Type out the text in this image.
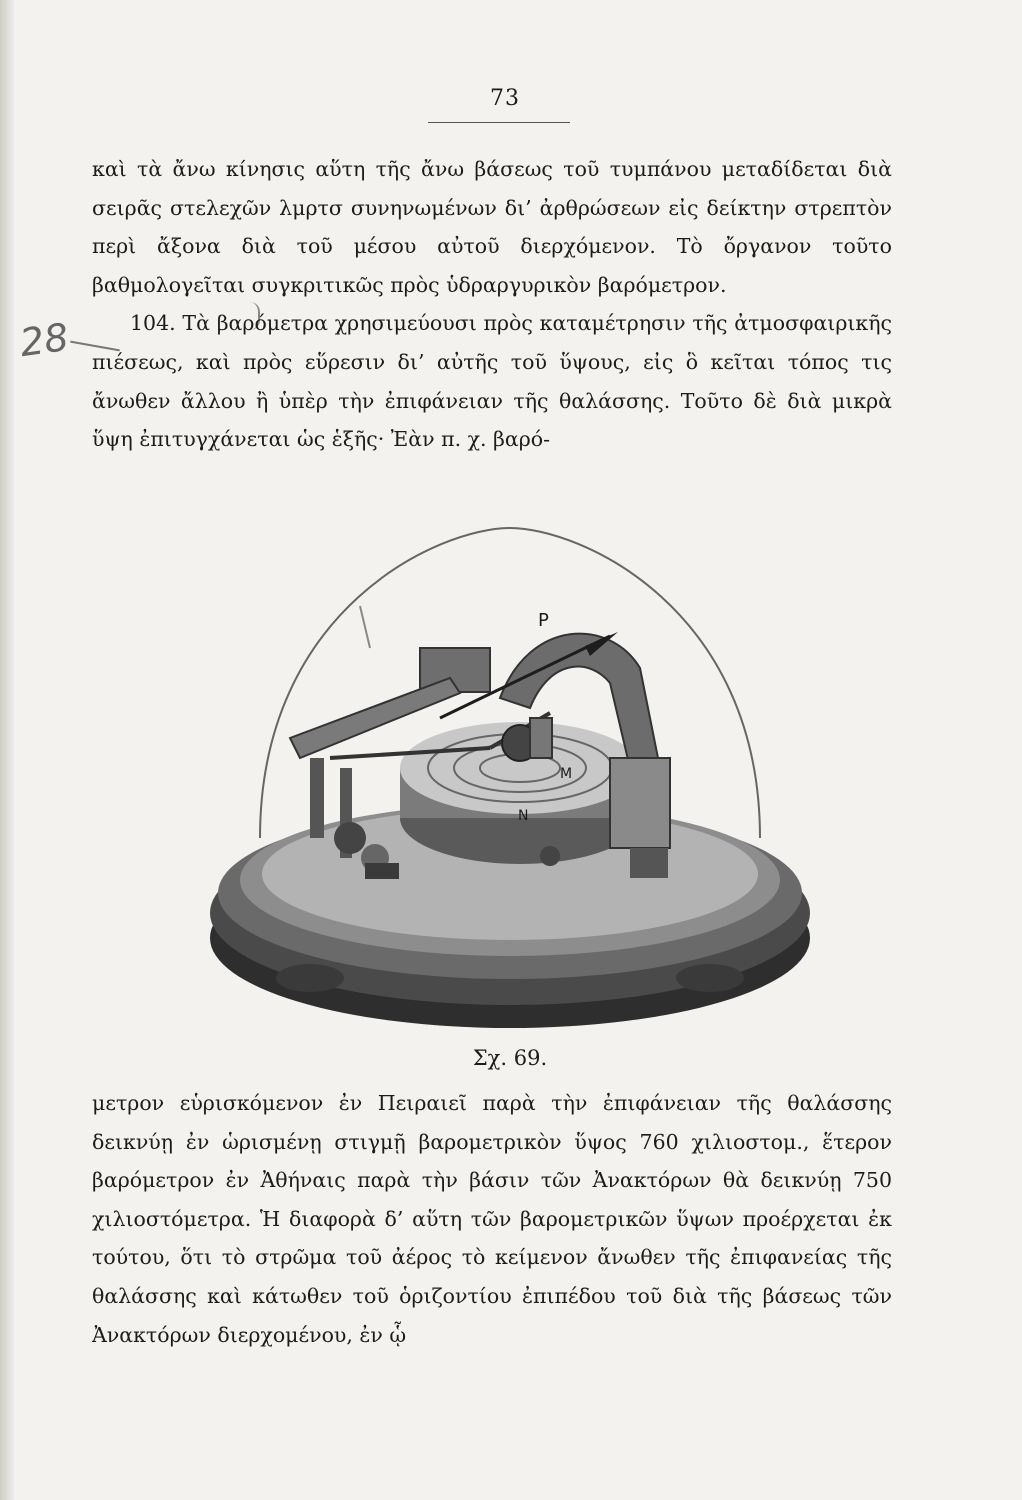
73
28

καὶ τὰ ἄνω κίνησις αὕτη τῆς ἄνω βάσεως τοῦ τυμπάνου μεταδίδεται διὰ σειρᾶς στελεχῶν λμρτσ συνηνωμένων δι’ ἀρθρώσεων εἰς δείκτην στρεπτὸν περὶ ἄξονα διὰ τοῦ μέσου αὐτοῦ διερχόμενον. Τὸ ὄργανον τοῦτο βαθμολογεῖται συγκριτικῶς πρὸς ὑδραργυρικὸν βαρόμετρον.

104. Τὰ βαρόμετρα χρησιμεύουσι πρὸς καταμέτρησιν τῆς ἀτμοσφαιρικῆς πιέσεως, καὶ πρὸς εὕρεσιν δι’ αὐτῆς τοῦ ὕψους, εἰς ὃ κεῖται τόπος τις ἄνωθεν ἄλλου ἢ ὑπὲρ τὴν ἐπιφάνειαν τῆς θαλάσσης. Τοῦτο δὲ διὰ μικρὰ ὕψη ἐπιτυγχάνεται ὡς ἑξῆς· Ἐὰν π. χ. βαρό-

P
M
N
Σχ. 69.

μετρον εὑρισκόμενον ἐν Πειραιεῖ παρὰ τὴν ἐπιφάνειαν τῆς θαλάσσης δεικνύῃ ἐν ὡρισμένῃ στιγμῇ βαρομετρικὸν ὕψος 760 χιλιοστομ., ἕτερον βαρόμετρον ἐν Ἀθήναις παρὰ τὴν βάσιν τῶν Ἀνακτόρων θὰ δεικνύῃ 750 χιλιοστόμετρα. Ἡ διαφορὰ δ’ αὕτη τῶν βαρομετρικῶν ὕψων προέρχεται ἐκ τούτου, ὅτι τὸ στρῶμα τοῦ ἀέρος τὸ κείμενον ἄνωθεν τῆς ἐπιφανείας τῆς θαλάσσης καὶ κάτωθεν τοῦ ὁριζοντίου ἐπιπέδου τοῦ διὰ τῆς βάσεως τῶν Ἀνακτόρων διερχομένου, ἐν ᾧ
